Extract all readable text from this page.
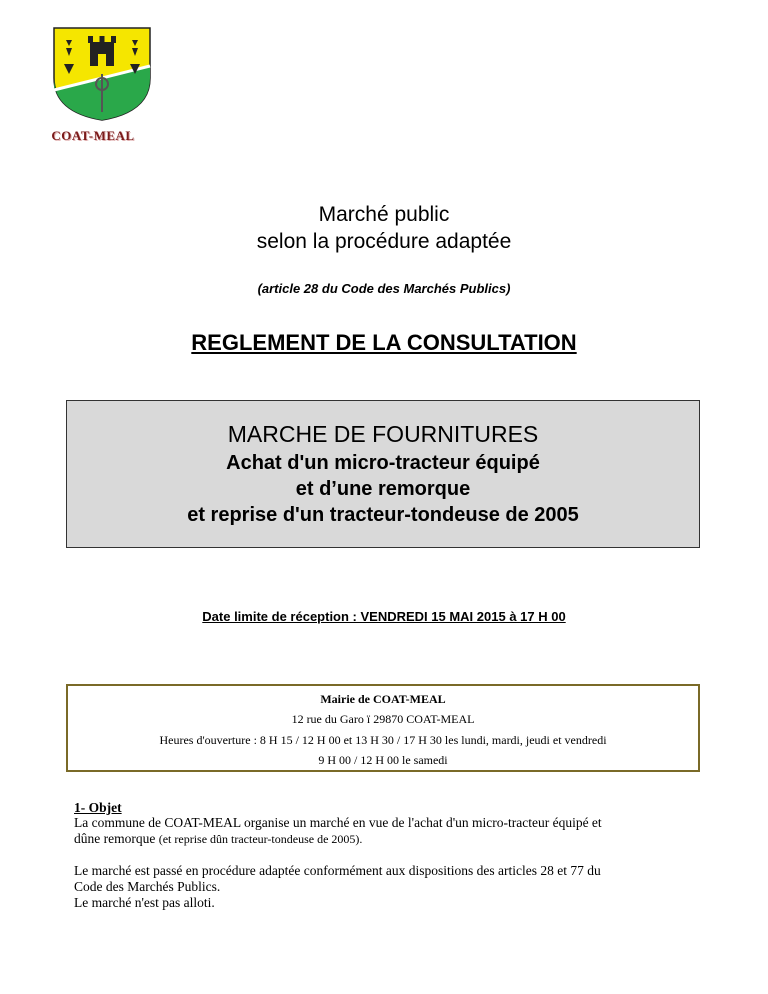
COAT-MEAL
Marché public
selon la procédure adaptée
(article 28 du Code des Marchés Publics)
REGLEMENT DE LA CONSULTATION
MARCHE DE FOURNITURES
Achat d'un micro-tracteur équipé
et d’une remorque
et reprise d'un tracteur-tondeuse de 2005
Date limite de réception : VENDREDI 15 MAI 2015 à 17 H 00
Mairie de COAT-MEAL
12 rue du Garo ï 29870 COAT-MEAL
Heures d'ouverture : 8 H 15 / 12 H 00 et 13 H 30 / 17 H 30 les lundi, mardi, jeudi et vendredi
9 H 00 / 12 H 00 le samedi
1- Objet
La commune de COAT-MEAL organise un marché en vue de l'achat d'un micro-tracteur équipé et
dûne remorque (et reprise dûn tracteur-tondeuse de 2005).
Le marché est passé en procédure adaptée conformément aux dispositions des articles 28 et 77 du
Code des Marchés Publics.
Le marché n'est pas alloti.
